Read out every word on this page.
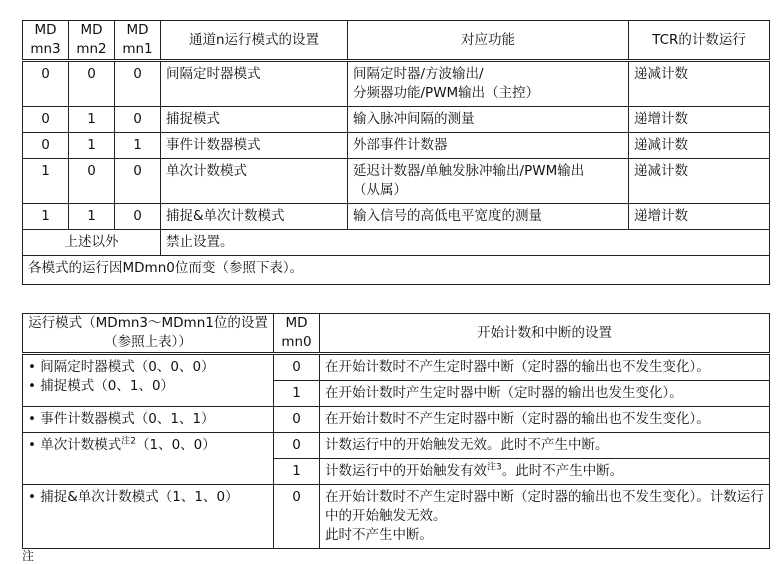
MD
mn3	MD
mn2	MD
mn1	通道n运行模式的设置	对应功能	TCR的计数运行
0	0	0	间隔定时器模式	间隔定时器/方波输出/
分频器功能/PWM输出（主控）	递减计数
0	1	0	捕捉模式	输入脉冲间隔的测量	递增计数
0	1	1	事件计数器模式	外部事件计数器	递减计数
1	0	0	单次计数模式	延迟计数器/单触发脉冲输出/PWM输出
（从属）	递减计数
1	1	0	捕捉&单次计数模式	输入信号的高低电平宽度的测量	递增计数
上述以外			禁止设置。		
各模式的运行因MDmn0位而变（参照下表）。					
运行模式（MDmn3～MDmn1位的设置（参照上表））	MD
mn0	开始计数和中断的设置

• 间隔定时器模式（0、0、0）
• 捕捉模式（0、1、0）	0	在开始计数时不产生定时器中断（定时器的输出也不发生变化）。
	1	在开始计数时产生定时器中断（定时器的输出也发生变化）。
• 事件计数器模式（0、1、1）	0	在开始计数时不产生定时器中断（定时器的输出也不发生变化）。

• 单次计数模式$^{注2}$（1、0、0）	0	计数运行中的开始触发无效。此时不产生中断。
	1	计数运行中的开始触发有效$^{注3}$。此时不产生中断。
• 捕捉&单次计数模式（1、1、0）	0	在开始计数时不产生定时器中断（定时器的输出也不发生变化）。计数运行中的开始触发无效。
此时不产生中断。
注
